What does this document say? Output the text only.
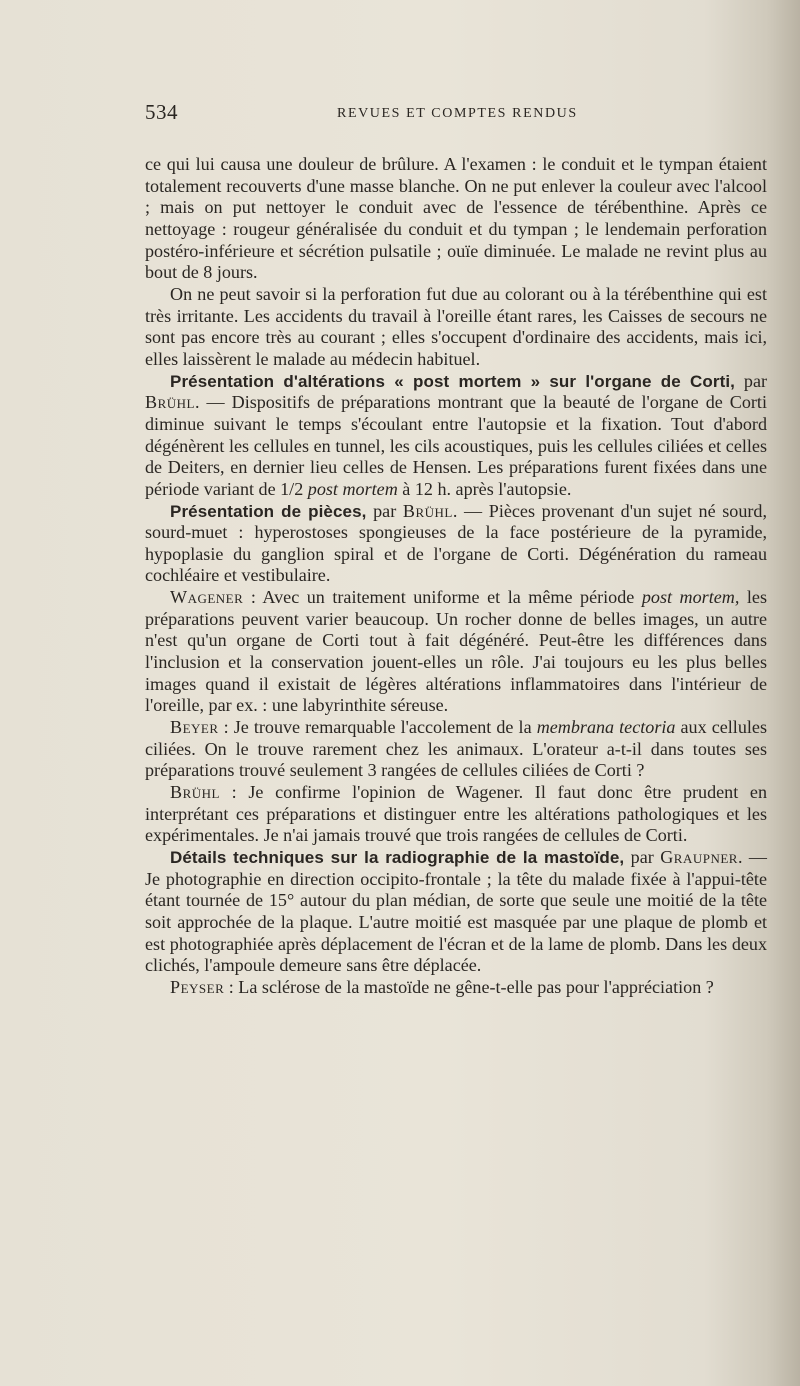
534	REVUES ET COMPTES RENDUS

ce qui lui causa une douleur de brûlure. A l'examen : le conduit et le tympan étaient totalement recouverts d'une masse blanche. On ne put enlever la couleur avec l'alcool ; mais on put nettoyer le conduit avec de l'essence de térébenthine. Après ce nettoyage : rougeur généralisée du conduit et du tympan ; le lendemain perforation postéro-inférieure et sécrétion pulsatile ; ouïe diminuée. Le malade ne revint plus au bout de 8 jours.

On ne peut savoir si la perforation fut due au colorant ou à la térébenthine qui est très irritante. Les accidents du travail à l'oreille étant rares, les Caisses de secours ne sont pas encore très au courant ; elles s'occupent d'ordinaire des accidents, mais ici, elles laissèrent le malade au médecin habituel.

Présentation d'altérations « post mortem » sur l'organe de Corti, par Brühl. — Dispositifs de préparations montrant que la beauté de l'organe de Corti diminue suivant le temps s'écoulant entre l'autopsie et la fixation. Tout d'abord dégénèrent les cellules en tunnel, les cils acoustiques, puis les cellules ciliées et celles de Deiters, en dernier lieu celles de Hensen. Les préparations furent fixées dans une période variant de 1/2 post mortem à 12 h. après l'autopsie.

Présentation de pièces, par Brühl. — Pièces provenant d'un sujet né sourd, sourd-muet : hyperostoses spongieuses de la face postérieure de la pyramide, hypoplasie du ganglion spiral et de l'organe de Corti. Dégénération du rameau cochléaire et vestibulaire.

Wagener : Avec un traitement uniforme et la même période post mortem, les préparations peuvent varier beaucoup. Un rocher donne de belles images, un autre n'est qu'un organe de Corti tout à fait dégénéré. Peut-être les différences dans l'inclusion et la conservation jouent-elles un rôle. J'ai toujours eu les plus belles images quand il existait de légères altérations inflammatoires dans l'intérieur de l'oreille, par ex. : une labyrinthite séreuse.

Beyer : Je trouve remarquable l'accolement de la membrana tectoria aux cellules ciliées. On le trouve rarement chez les animaux. L'orateur a-t-il dans toutes ses préparations trouvé seulement 3 rangées de cellules ciliées de Corti ?

Brühl : Je confirme l'opinion de Wagener. Il faut donc être prudent en interprétant ces préparations et distinguer entre les altérations pathologiques et les expérimentales. Je n'ai jamais trouvé que trois rangées de cellules de Corti.

Détails techniques sur la radiographie de la mastoïde, par Graupner. — Je photographie en direction occipito-frontale ; la tête du malade fixée à l'appui-tête étant tournée de 15° autour du plan médian, de sorte que seule une moitié de la tête soit approchée de la plaque. L'autre moitié est masquée par une plaque de plomb et est photographiée après déplacement de l'écran et de la lame de plomb. Dans les deux clichés, l'ampoule demeure sans être déplacée.

Peyser : La sclérose de la mastoïde ne gêne-t-elle pas pour l'appréciation ?
